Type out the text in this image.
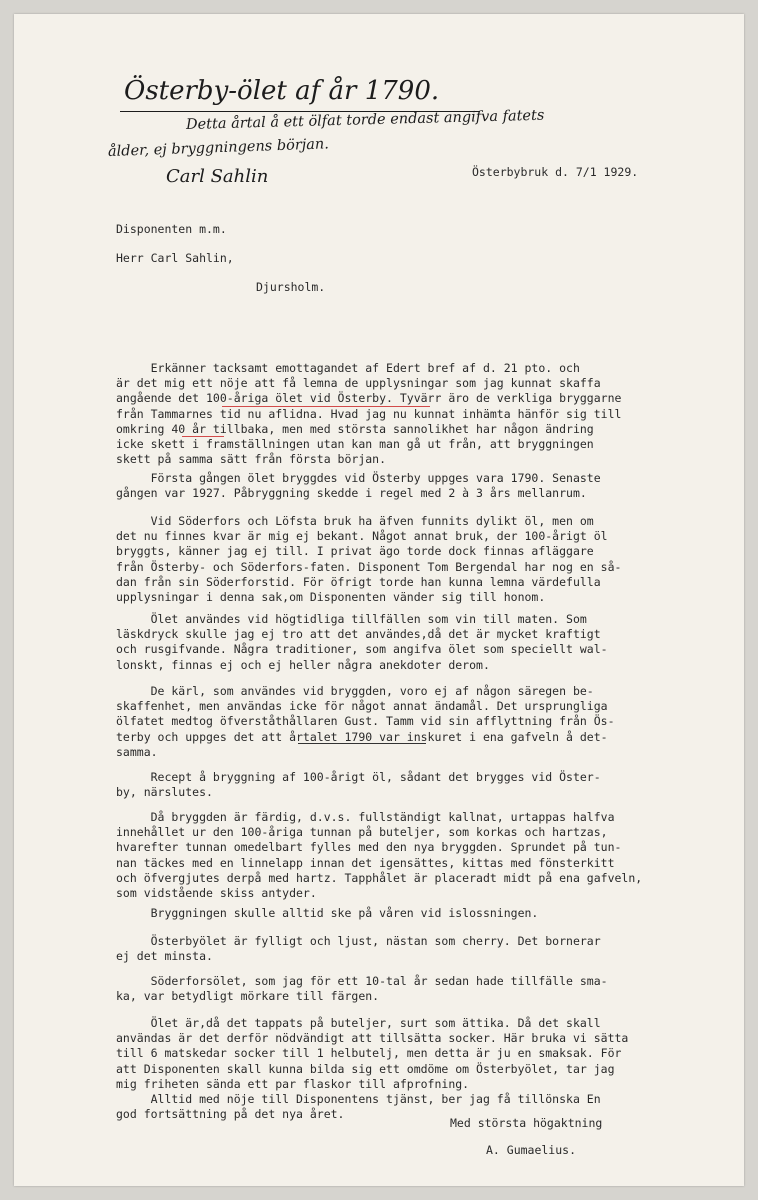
Österby-ölet af år 1790.
Detta årtal å ett ölfat torde endast angifva fatets
ålder, ej bryggningens början.
Carl Sahlin	Österbybruk d. 7/1 1929.
Disponenten m.m.
Herr Carl Sahlin,
Djursholm.
Erkänner tacksamt emottagandet af Edert bref af d. 21 pto. och
är det mig ett nöje att få lemna de upplysningar som jag kunnat skaffa
angående det 100-åriga ölet vid Österby. Tyvärr äro de verkliga bryggarne
från Tammarnes tid nu aflidna. Hvad jag nu kunnat inhämta hänför sig till
omkring 40 år tillbaka, men med största sannolikhet har någon ändring
icke skett i framställningen utan kan man gå ut från, att bryggningen
skett på samma sätt från första början.
Första gången ölet bryggdes vid Österby uppges vara 1790. Senaste
gången var 1927. Påbryggning skedde i regel med 2 à 3 års mellanrum.
Vid Söderfors och Löfsta bruk ha äfven funnits dylikt öl, men om
det nu finnes kvar är mig ej bekant. Något annat bruk, der 100-årigt öl
bryggts, känner jag ej till. I privat ägo torde dock finnas afläggare
från Österby- och Söderfors-faten. Disponent Tom Bergendal har nog en så-
dan från sin Söderforstid. För öfrigt torde han kunna lemna värdefulla
upplysningar i denna sak,om Disponenten vänder sig till honom.
Ölet användes vid högtidliga tillfällen som vin till maten. Som
läskdryck skulle jag ej tro att det användes,då det är mycket kraftigt
och rusgifvande. Några traditioner, som angifva ölet som speciellt wal-
lonskt, finnas ej och ej heller några anekdoter derom.
De kärl, som användes vid bryggden, voro ej af någon säregen be-
skaffenhet, men användas icke för något annat ändamål. Det ursprungliga
ölfatet medtog öfverståthållaren Gust. Tamm vid sin afflyttning från Ös-
terby och uppges det att årtalet 1790 var inskuret i ena gafveln å det-
samma.
Recept å bryggning af 100-årigt öl, sådant det brygges vid Öster-
by, närslutes.
Då bryggden är färdig, d.v.s. fullständigt kallnat, urtappas halfva
innehållet ur den 100-åriga tunnan på buteljer, som korkas och hartzas,
hvarefter tunnan omedelbart fylles med den nya bryggden. Sprundet på tun-
nan täckes med en linnelapp innan det igensättes, kittas med fönsterkitt
och öfvergjutes derpå med hartz. Tapphålet är placeradt midt på ena gafveln,
som vidstående skiss antyder.
Bryggningen skulle alltid ske på våren vid islossningen.
Österbyölet är fylligt och ljust, nästan som cherry. Det bornerar
ej det minsta.
Söderforsölet, som jag för ett 10-tal år sedan hade tillfälle sma-
ka, var betydligt mörkare till färgen.
Ölet är,då det tappats på buteljer, surt som ättika. Då det skall
användas är det derför nödvändigt att tillsätta socker. Här bruka vi sätta
till 6 matskedar socker till 1 helbutelj, men detta är ju en smaksak. För
att Disponenten skall kunna bilda sig ett omdöme om Österbyölet, tar jag
mig friheten sända ett par flaskor till afprofning.
Alltid med nöje till Disponentens tjänst, ber jag få tillönska En
god fortsättning på det nya året.
Med största högaktning
A. Gumaelius.
